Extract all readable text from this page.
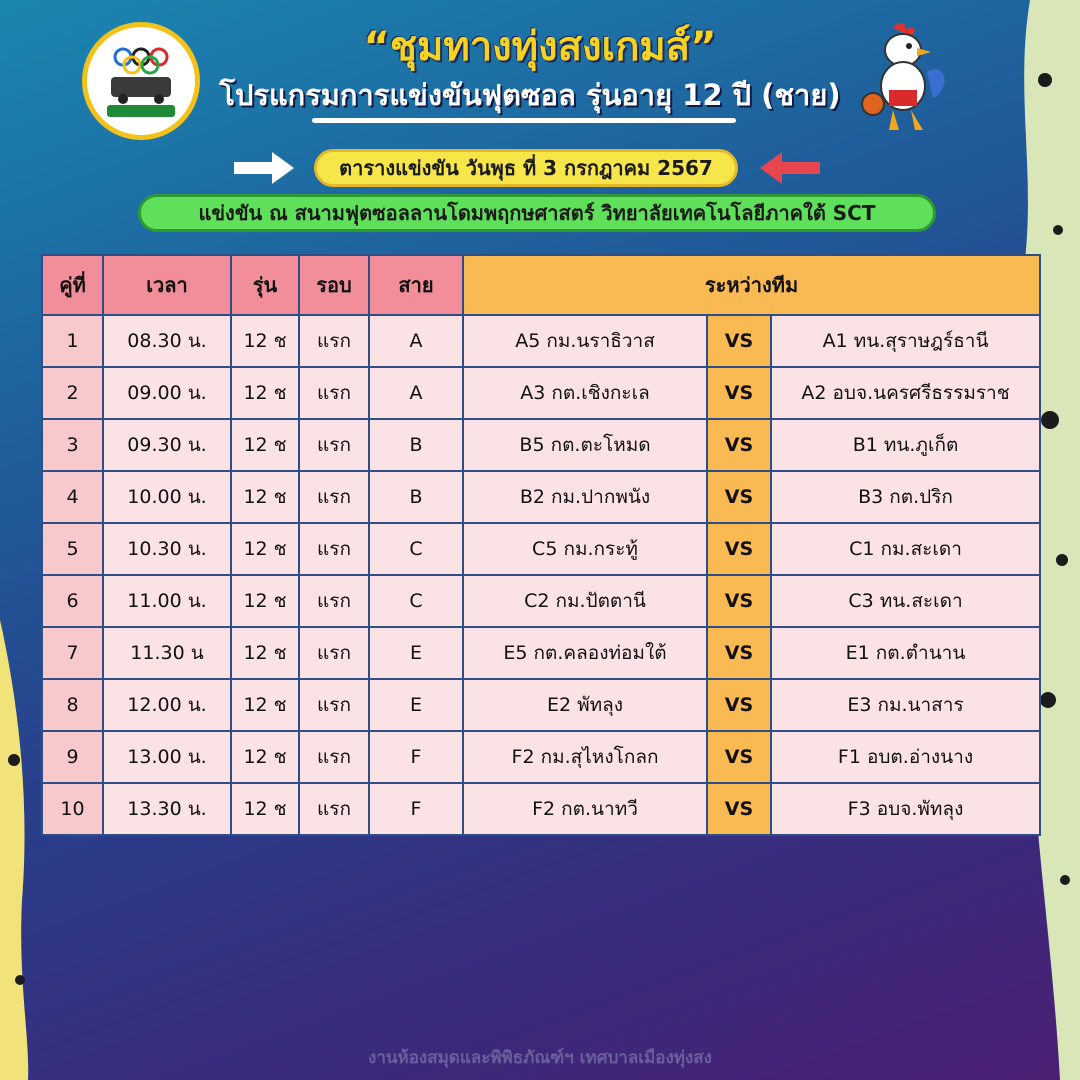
“ชุมทางทุ่งสงเกมส์”
โปรแกรมการแข่งขันฟุตซอล รุ่นอายุ 12 ปี (ชาย)
ตารางแข่งขัน วันพุธ ที่ 3 กรกฎาคม 2567
แข่งขัน ณ สนามฟุตซอลลานโดมพฤกษศาสตร์ วิทยาลัยเทคโนโลยีภาคใต้ SCT
คู่ที่	เวลา	รุ่น	รอบ	สาย	ระหว่างทีม		
1	08.30 น.	12 ช	แรก	A	A5 กม.นราธิวาส	VS	A1 ทน.สุราษฎร์ธานี
2	09.00 น.	12 ช	แรก	A	A3 กต.เชิงกะเล	VS	A2 อบจ.นครศรีธรรมราช
3	09.30 น.	12 ช	แรก	B	B5 กต.ตะโหมด	VS	B1 ทน.ภูเก็ต
4	10.00 น.	12 ช	แรก	B	B2 กม.ปากพนัง	VS	B3 กต.ปริก
5	10.30 น.	12 ช	แรก	C	C5 กม.กระทู้	VS	C1 กม.สะเดา
6	11.00 น.	12 ช	แรก	C	C2 กม.ปัตตานี	VS	C3 ทน.สะเดา
7	11.30 น	12 ช	แรก	E	E5 กต.คลองท่อมใต้	VS	E1 กต.ตำนาน
8	12.00 น.	12 ช	แรก	E	E2 พัทลุง	VS	E3 กม.นาสาร
9	13.00 น.	12 ช	แรก	F	F2 กม.สุไหงโกลก	VS	F1 อบต.อ่างนาง
10	13.30 น.	12 ช	แรก	F	F2 กต.นาทวี	VS	F3 อบจ.พัทลุง
งานห้องสมุดและพิพิธภัณฑ์ฯ เทศบาลเมืองทุ่งสง
